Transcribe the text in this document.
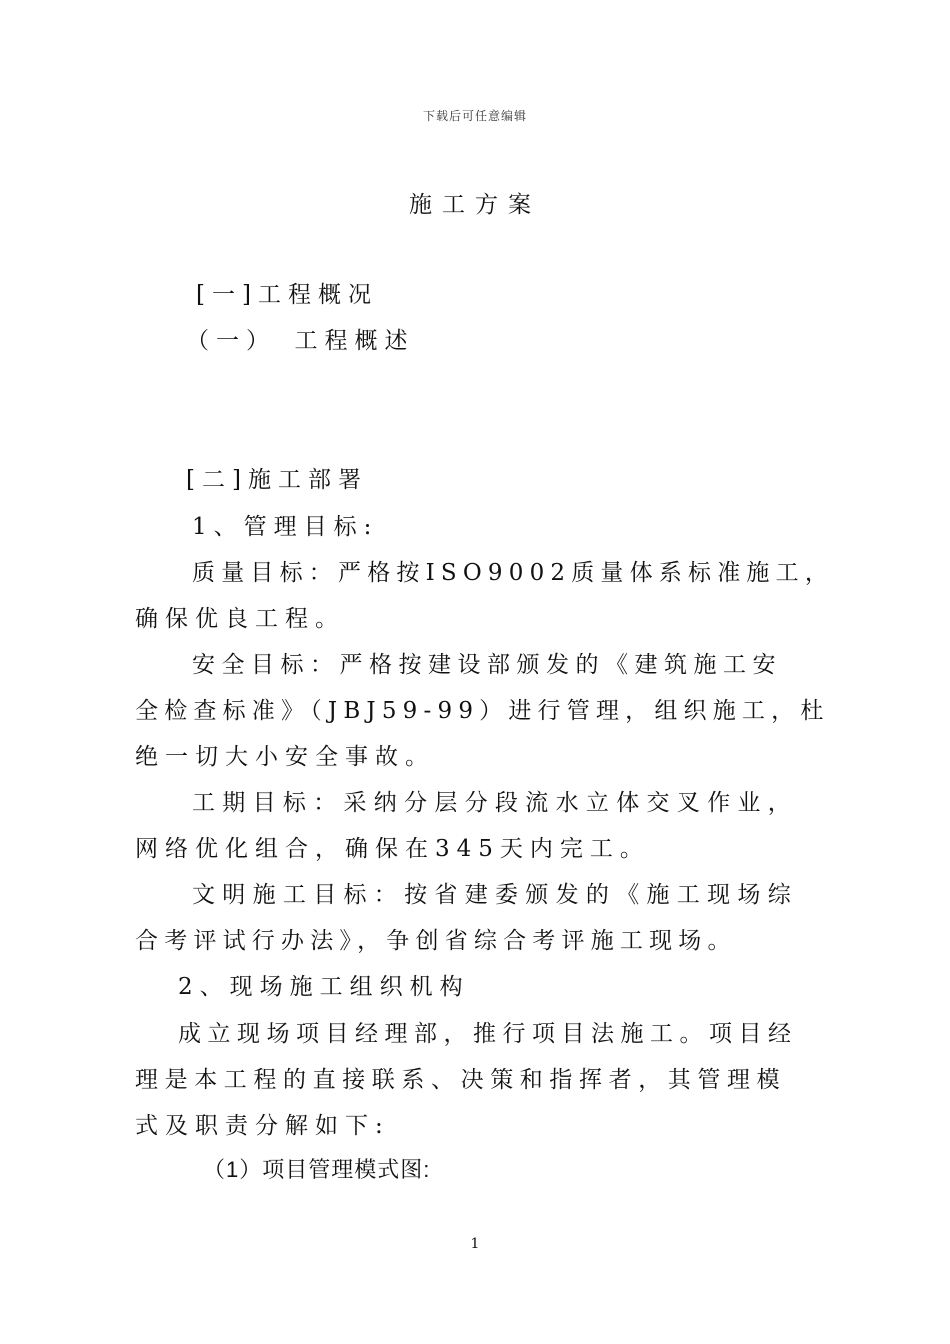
下载后可任意编辑
施工方案
[一]工程概况
（一）　工程概述
[二]施工部署
1、管理目标:
质量目标：严格按ISO9002质量体系标准施工，
确保优良工程。
安全目标：严格按建设部颁发的《建筑施工安
全检查标准》（JBJ59-99）进行管理，组织施工，杜
绝一切大小安全事故。
工期目标：采纳分层分段流水立体交叉作业，
网络优化组合，确保在345天内完工。
文明施工目标：按省建委颁发的《施工现场综
合考评试行办法》，争创省综合考评施工现场。
2、现场施工组织机构
成立现场项目经理部，推行项目法施工。项目经
理是本工程的直接联系、决策和指挥者，其管理模
式及职责分解如下:
（1）项目管理模式图:
1
